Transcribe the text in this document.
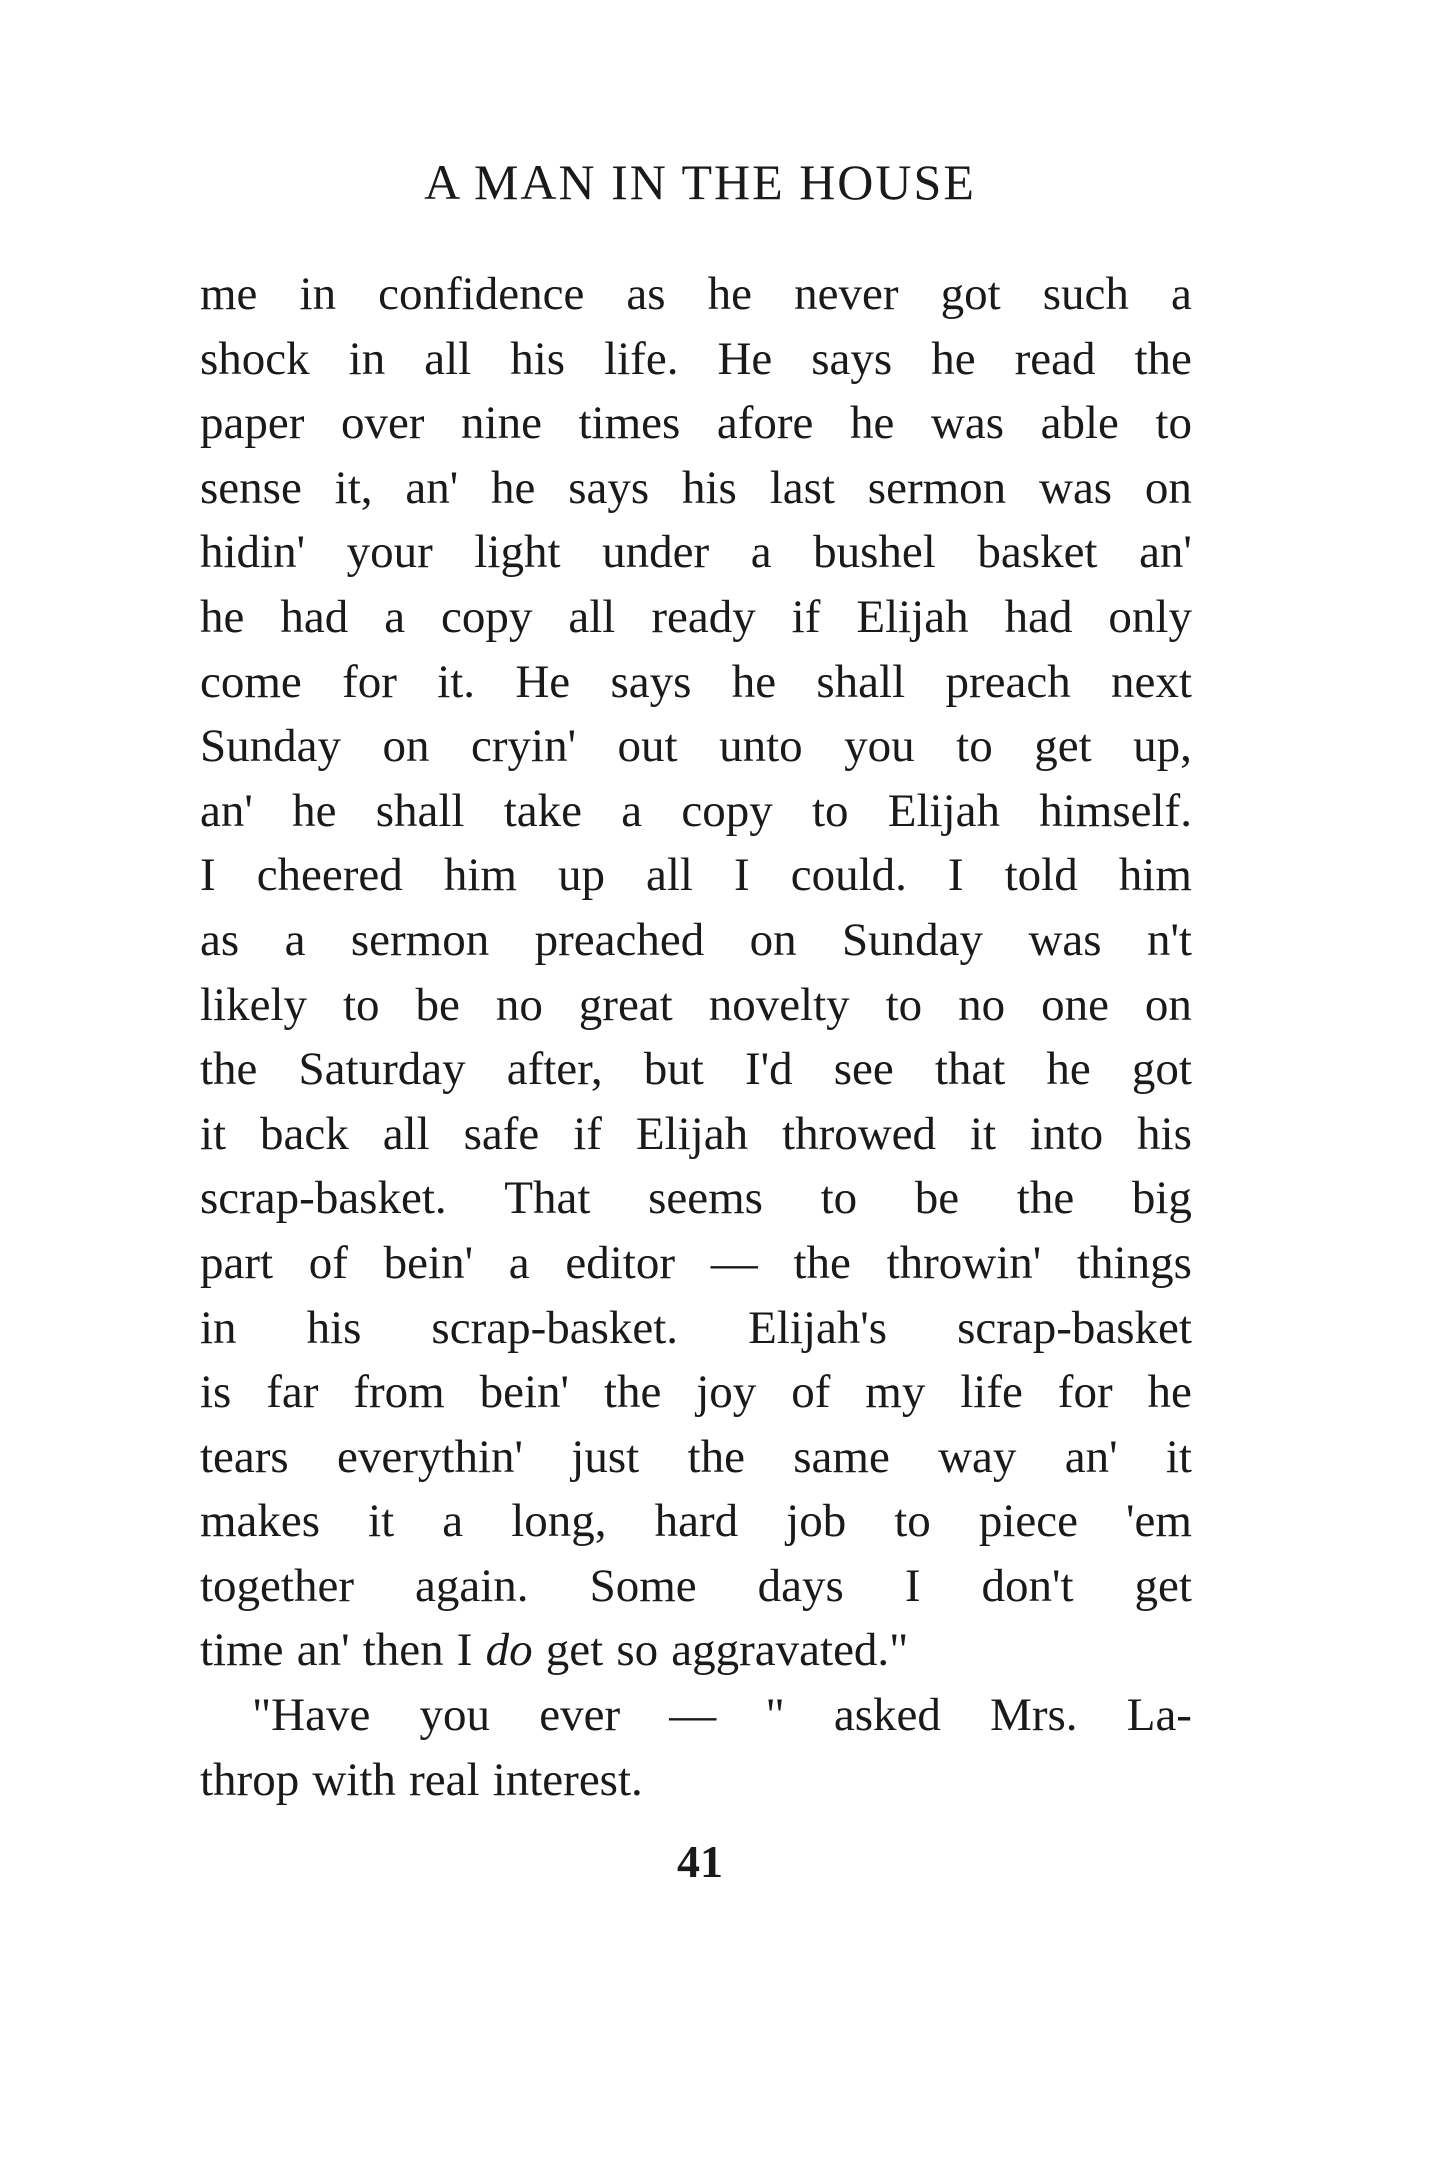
A MAN IN THE HOUSE
me in confidence as he never got such a
shock in all his life. He says he read the
paper over nine times afore he was able to
sense it, an' he says his last sermon was on
hidin' your light under a bushel basket an'
he had a copy all ready if Elijah had only
come for it. He says he shall preach next
Sunday on cryin' out unto you to get up,
an' he shall take a copy to Elijah himself.
I cheered him up all I could. I told him
as a sermon preached on Sunday was n't
likely to be no great novelty to no one on
the Saturday after, but I'd see that he got
it back all safe if Elijah throwed it into his
scrap-basket. That seems to be the big
part of bein' a editor — the throwin' things
in his scrap-basket. Elijah's scrap-basket
is far from bein' the joy of my life for he
tears everythin' just the same way an' it
makes it a long, hard job to piece 'em
together again. Some days I don't get
time an' then I do get so aggravated."
"Have you ever — " asked Mrs. La-
throp with real interest.
41
